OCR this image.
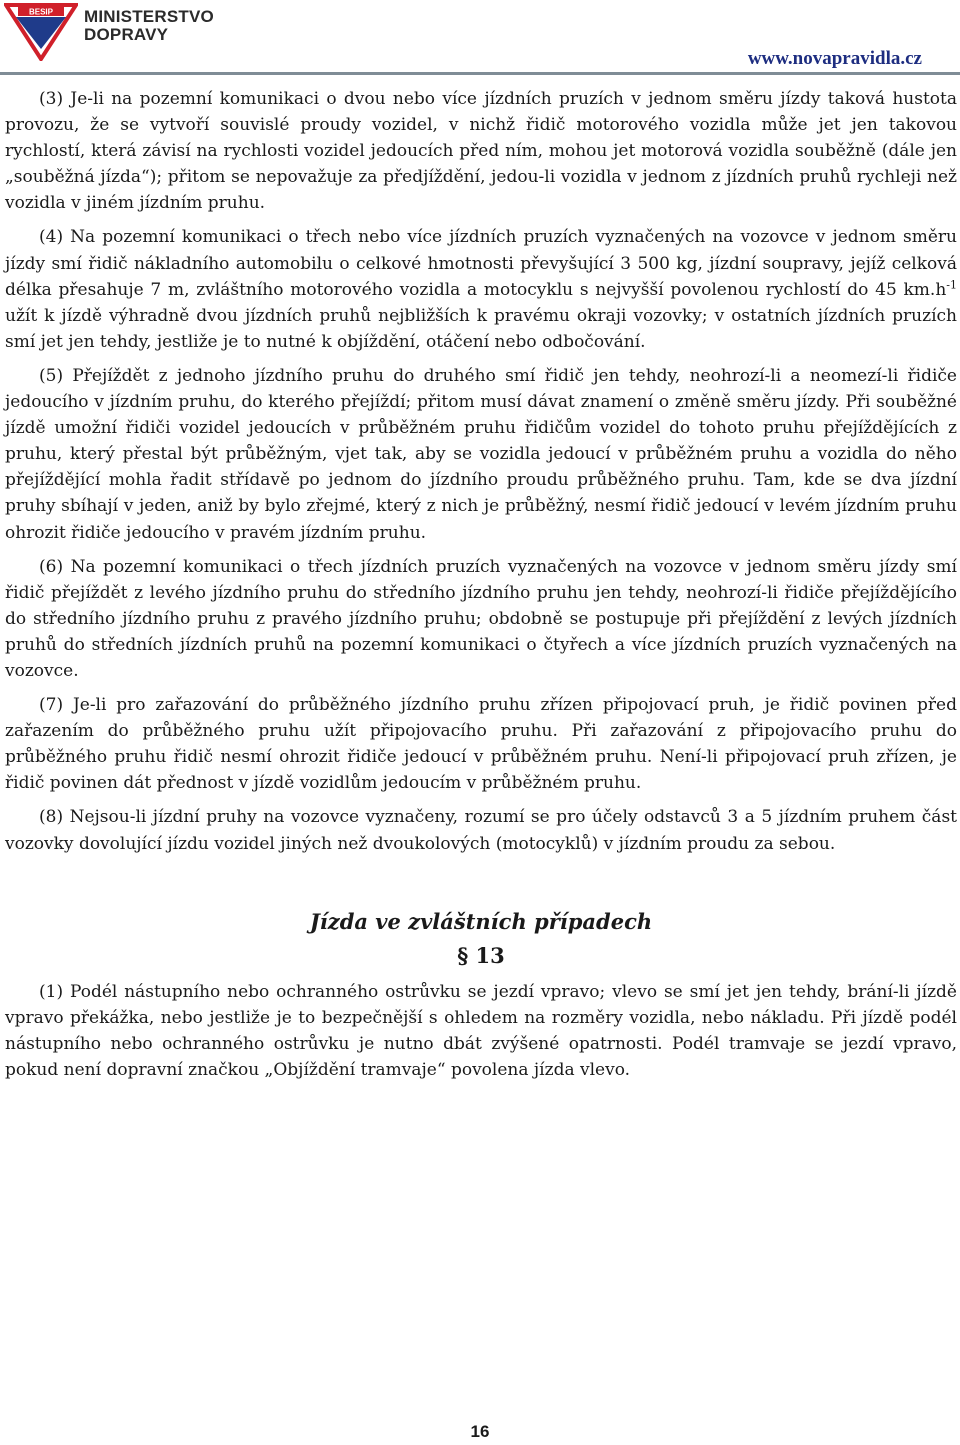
BESIP MINISTERSTVO
DOPRAVY
www.novapravidla.cz

(3) Je-li na pozemní komunikaci o dvou nebo více jízdních pruzích v jednom směru jízdy taková hustota provozu, že se vytvoří souvislé proudy vozidel, v nichž řidič motorového vozidla může jet jen takovou rychlostí, která závisí na rychlosti vozidel jedoucích před ním, mohou jet motorová vozidla souběžně (dále jen „souběžná jízda“); přitom se nepovažuje za předjíždění, jedou-li vozidla v jednom z jízdních pruhů rychleji než vozidla v jiném jízdním pruhu.

(4) Na pozemní komunikaci o třech nebo více jízdních pruzích vyznačených na vozovce v jednom směru jízdy smí řidič nákladního automobilu o celkové hmotnosti převyšující 3 500 kg, jízdní soupravy, jejíž celková délka přesahuje 7 m, zvláštního motorového vozidla a motocyklu s nejvyšší povolenou rychlostí do 45 $km.h^{-1}$ užít k jízdě výhradně dvou jízdních pruhů nejbližších k pravému okraji vozovky; v ostatních jízdních pruzích smí jet jen tehdy, jestliže je to nutné k objíždění, otáčení nebo odbočování.

(5) Přejíždět z jednoho jízdního pruhu do druhého smí řidič jen tehdy, neohrozí-li a neomezí-li řidiče jedoucího v jízdním pruhu, do kterého přejíždí; přitom musí dávat znamení o změně směru jízdy. Při souběžné jízdě umožní řidiči vozidel jedoucích v průběžném pruhu řidičům vozidel do tohoto pruhu přejíždějících z pruhu, který přestal být průběžným, vjet tak, aby se vozidla jedoucí v průběžném pruhu a vozidla do něho přejíždějící mohla řadit střídavě po jednom do jízdního proudu průběžného pruhu. Tam, kde se dva jízdní pruhy sbíhají v jeden, aniž by bylo zřejmé, který z nich je průběžný, nesmí řidič jedoucí v levém jízdním pruhu ohrozit řidiče jedoucího v pravém jízdním pruhu.

(6) Na pozemní komunikaci o třech jízdních pruzích vyznačených na vozovce v jednom směru jízdy smí řidič přejíždět z levého jízdního pruhu do středního jízdního pruhu jen tehdy, neohrozí-li řidiče přejíždějícího do středního jízdního pruhu z pravého jízdního pruhu; obdobně se postupuje při přejíždění z levých jízdních pruhů do středních jízdních pruhů na pozemní komunikaci o čtyřech a více jízdních pruzích vyznačených na vozovce.

(7) Je-li pro zařazování do průběžného jízdního pruhu zřízen připojovací pruh, je řidič povinen před zařazením do průběžného pruhu užít připojovacího pruhu. Při zařazování z připojovacího pruhu do průběžného pruhu řidič nesmí ohrozit řidiče jedoucí v průběžném pruhu. Není-li připojovací pruh zřízen, je řidič povinen dát přednost v jízdě vozidlům jedoucím v průběžném pruhu.

(8) Nejsou-li jízdní pruhy na vozovce vyznačeny, rozumí se pro účely odstavců 3 a 5 jízdním pruhem část vozovky dovolující jízdu vozidel jiných než dvoukolových (motocyklů) v jízdním proudu za sebou.

Jízda ve zvláštních případech
§ 13

(1) Podél nástupního nebo ochranného ostrůvku se jezdí vpravo; vlevo se smí jet jen tehdy, brání-li jízdě vpravo překážka, nebo jestliže je to bezpečnější s ohledem na rozměry vozidla, nebo nákladu. Při jízdě podél nástupního nebo ochranného ostrůvku je nutno dbát zvýšené opatrnosti. Podél tramvaje se jezdí vpravo, pokud není dopravní značkou „Objíždění tramvaje“ povolena jízda vlevo.

16
